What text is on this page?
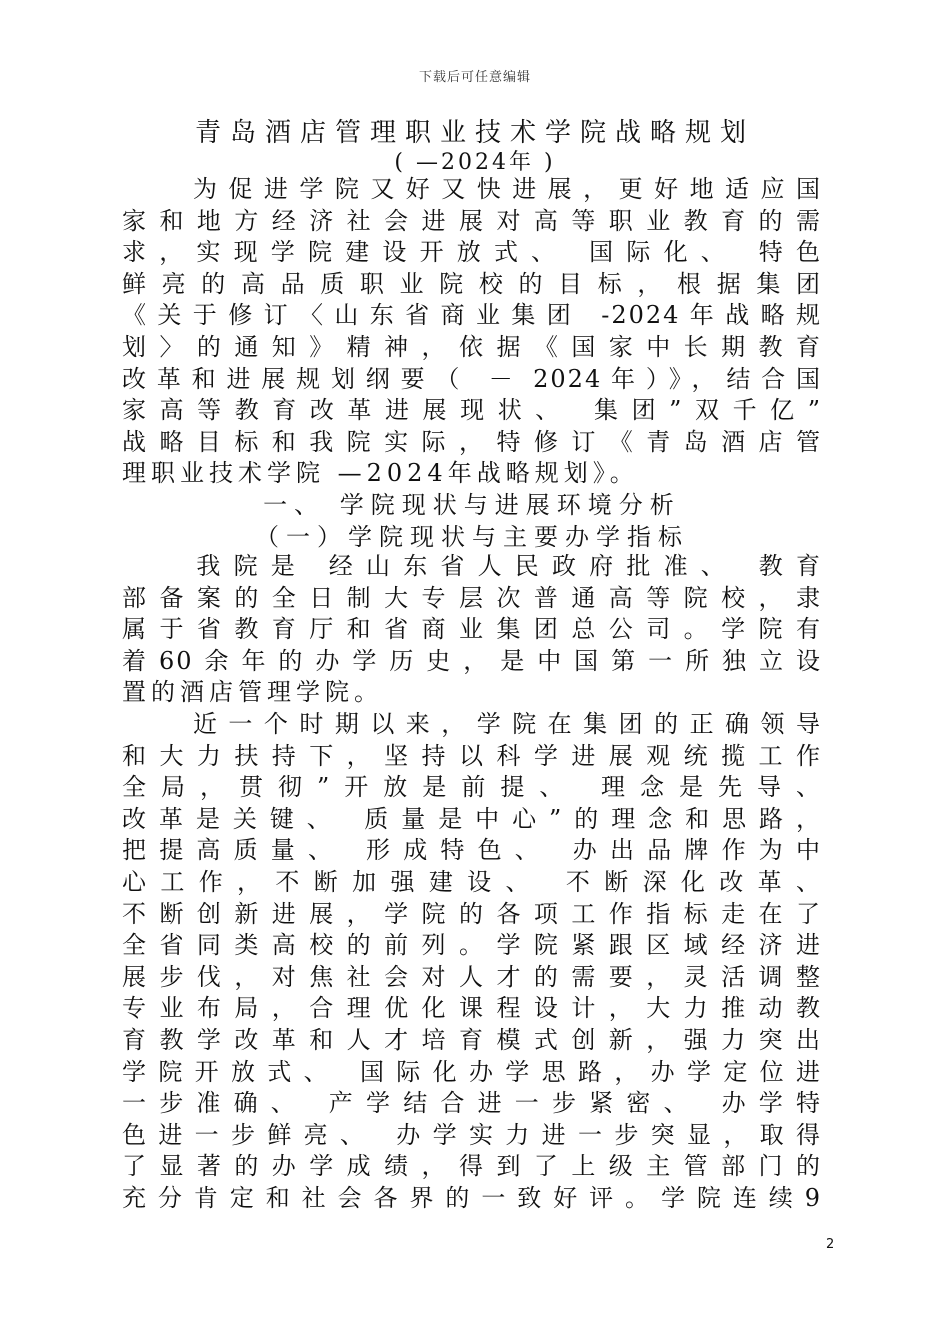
下载后可任意编辑
青岛酒店管理职业技术学院战略规划
( —2024年 )
　　为促进学院又好又快进展，更好地适应国
家和地方经济社会进展对高等职业教育的需
求，实现学院建设开放式、 国际化、 特色
鲜亮的高品质职业院校的目标，根据集团
《关于修订〈山东省商业集团 -2024年战略规
划〉的通知》精神，依据《国家中长期教育
改革和进展规划纲要（ － 2024年）》，结合国
家高等教育改革进展现状、 集团”双千亿”
战略目标和我院实际，特修订《青岛酒店管
理职业技术学院 —2024年战略规划》。
一、 学院现状与进展环境分析
（一）学院现状与主要办学指标
　　我院是 经山东省人民政府批准、 教育
部备案的全日制大专层次普通高等院校，隶
属于省教育厅和省商业集团总公司。学院有
着60余年的办学历史，是中国第一所独立设
置的酒店管理学院。
　　近一个时期以来，学院在集团的正确领导
和大力扶持下，坚持以科学进展观统揽工作
全局，贯彻”开放是前提、 理念是先导、
改革是关键、 质量是中心”的理念和思路，
把提高质量、 形成特色、 办出品牌作为中
心工作，不断加强建设、 不断深化改革、
不断创新进展，学院的各项工作指标走在了
全省同类高校的前列。学院紧跟区域经济进
展步伐，对焦社会对人才的需要，灵活调整
专业布局，合理优化课程设计，大力推动教
育教学改革和人才培育模式创新，强力突出
学院开放式、 国际化办学思路，办学定位进
一步准确、 产学结合进一步紧密、 办学特
色进一步鲜亮、 办学实力进一步突显，取得
了显著的办学成绩，得到了上级主管部门的
充分肯定和社会各界的一致好评。学院连续9
2
